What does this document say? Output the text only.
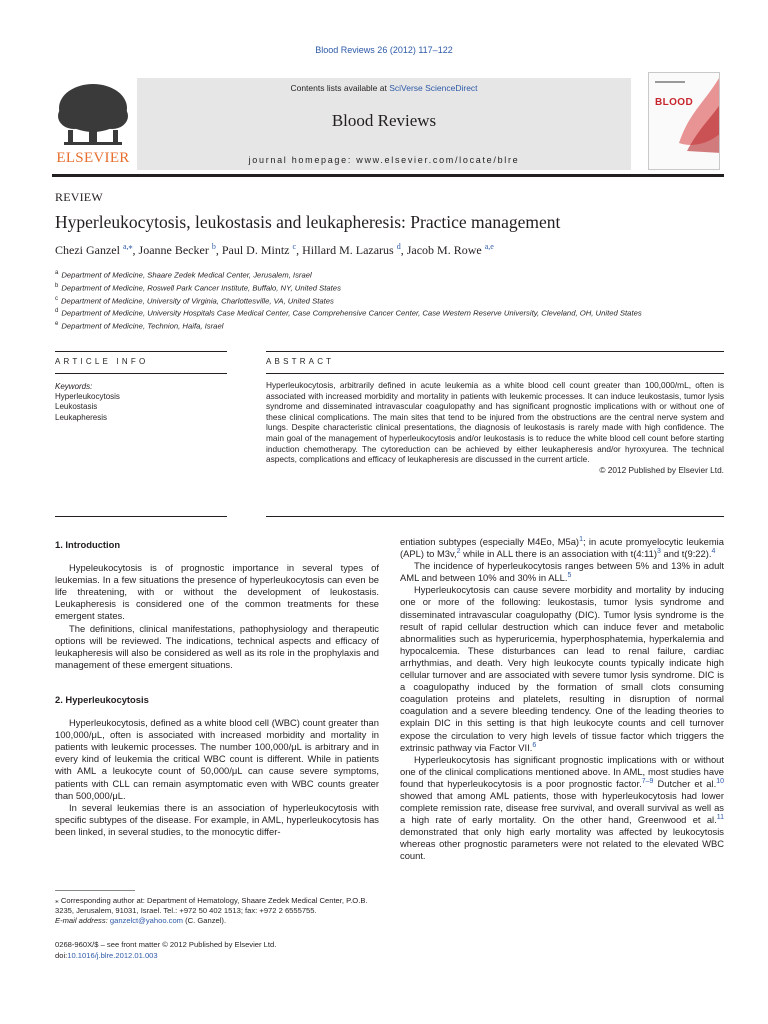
Blood Reviews 26 (2012) 117–122
ELSEVIER
Contents lists available at SciVerse ScienceDirect
Blood Reviews
journal homepage: www.elsevier.com/locate/blre
BLOOD
REVIEW
Hyperleukocytosis, leukostasis and leukapheresis: Practice management
Chezi Ganzel $^{a,⁎}$, Joanne Becker $^b$, Paul D. Mintz $^c$, Hillard M. Lazarus $^d$, Jacob M. Rowe $^{a,e}$
$^a$ Department of Medicine, Shaare Zedek Medical Center, Jerusalem, Israel
$^b$ Department of Medicine, Roswell Park Cancer Institute, Buffalo, NY, United States
$^c$ Department of Medicine, University of Virginia, Charlottesville, VA, United States
$^d$ Department of Medicine, University Hospitals Case Medical Center, Case Comprehensive Cancer Center, Case Western Reserve University, Cleveland, OH, United States
$^e$ Department of Medicine, Technion, Haifa, Israel
ARTICLE INFO	ABSTRACT
Keywords:
Hyperleukocytosis
Leukostasis
Leukapheresis
Hyperleukocytosis, arbitrarily defined in acute leukemia as a white blood cell count greater than 100,000/mL, often is associated with increased morbidity and mortality in patients with leukemic processes. It can induce leukostasis, tumor lysis syndrome and disseminated intravascular coagulopathy and has significant prognostic implications with or without one of these clinical complications. The main sites that tend to be injured from the obstructions are the central nerve system and lungs. Despite characteristic clinical presentations, the diagnosis of leukostasis is rarely made with high confidence. The main goal of the management of hyperleukocytosis and/or leukostasis is to reduce the white blood cell count before starting induction chemotherapy. The cytoreduction can be achieved by either leukapheresis and/or hyroxyurea. The technical aspects, complications and efficacy of leukapheresis are discussed in the current article.
© 2012 Published by Elsevier Ltd.
1. Introduction

Hypeleukocytosis is of prognostic importance in several types of leukemias. In a few situations the presence of hyperleukocytosis can even be life threatening, with or without the development of leukostasis. Leukapheresis is considered one of the common treatments for these emergent states.

The definitions, clinical manifestations, pathophysiology and therapeutic options will be reviewed. The indications, technical aspects and efficacy of leukapheresis will also be considered as well as its role in the prophylaxis and management of these emergent situations.

2. Hyperleukocytosis

Hyperleukocytosis, defined as a white blood cell (WBC) count greater than 100,000/μL, often is associated with increased morbidity and mortality in patients with leukemic processes. The number 100,000/μL is arbitrary and in every kind of leukemia the critical WBC count is different. While in patients with AML a leukocyte count of 50,000/μL can cause severe symptoms, patients with CLL can remain asymptomatic even with WBC counts greater than 500,000/μL.

In several leukemias there is an association of hyperleukocytosis with specific subtypes of the disease. For example, in AML, hyperleukocytosis has been linked, in several studies, to the monocytic differ-

entiation subtypes (especially M4Eo, M5a)$^1$; in acute promyelocytic leukemia (APL) to M3v,$^2$ while in ALL there is an association with t(4:11)$^3$ and t(9:22).$^4$

The incidence of hyperleukocytosis ranges between 5% and 13% in adult AML and between 10% and 30% in ALL.$^5$

Hyperleukocytosis can cause severe morbidity and mortality by inducing one or more of the following: leukostasis, tumor lysis syndrome and disseminated intravascular coagulopathy (DIC). Tumor lysis syndrome is the result of rapid cellular destruction which can induce fever and metabolic abnormalities such as hyperuricemia, hyperphosphatemia, hyperkalemia and hypocalcemia. These disturbances can lead to renal failure, cardiac arrhythmias, and death. Very high leukocyte counts typically indicate high cellular turnover and are associated with severe tumor lysis syndrome. DIC is a coagulopathy induced by the formation of small clots consuming coagulation proteins and platelets, resulting in disruption of normal coagulation and a severe bleeding tendency. One of the leading theories to explain DIC in this setting is that high leukocyte counts and cell turnover expose the circulation to very high levels of tissue factor which triggers the extrinsic pathway via Factor VII.$^6$

Hyperleukocytosis has significant prognostic implications with or without one of the clinical complications mentioned above. In AML, most studies have found that hyperleukocytosis is a poor prognostic factor.$^{7-9}$ Dutcher et al.$^{10}$ showed that among AML patients, those with hyperleukocytosis had lower complete remission rate, disease free survival, and overall survival as well as a high rate of early mortality. On the other hand, Greenwood et al.$^{11}$ demonstrated that only high early mortality was affected by leukocytosis whereas other prognostic parameters were not related to the elevated WBC count.

⁎ Corresponding author at: Department of Hematology, Shaare Zedek Medical Center, P.O.B. 3235, Jerusalem, 91031, Israel. Tel.: +972 50 402 1513; fax: +972 2 6555755.
E-mail address: ganzelct@yahoo.com (C. Ganzel).
0268-960X/$ – see front matter © 2012 Published by Elsevier Ltd.
doi:10.1016/j.blre.2012.01.003
